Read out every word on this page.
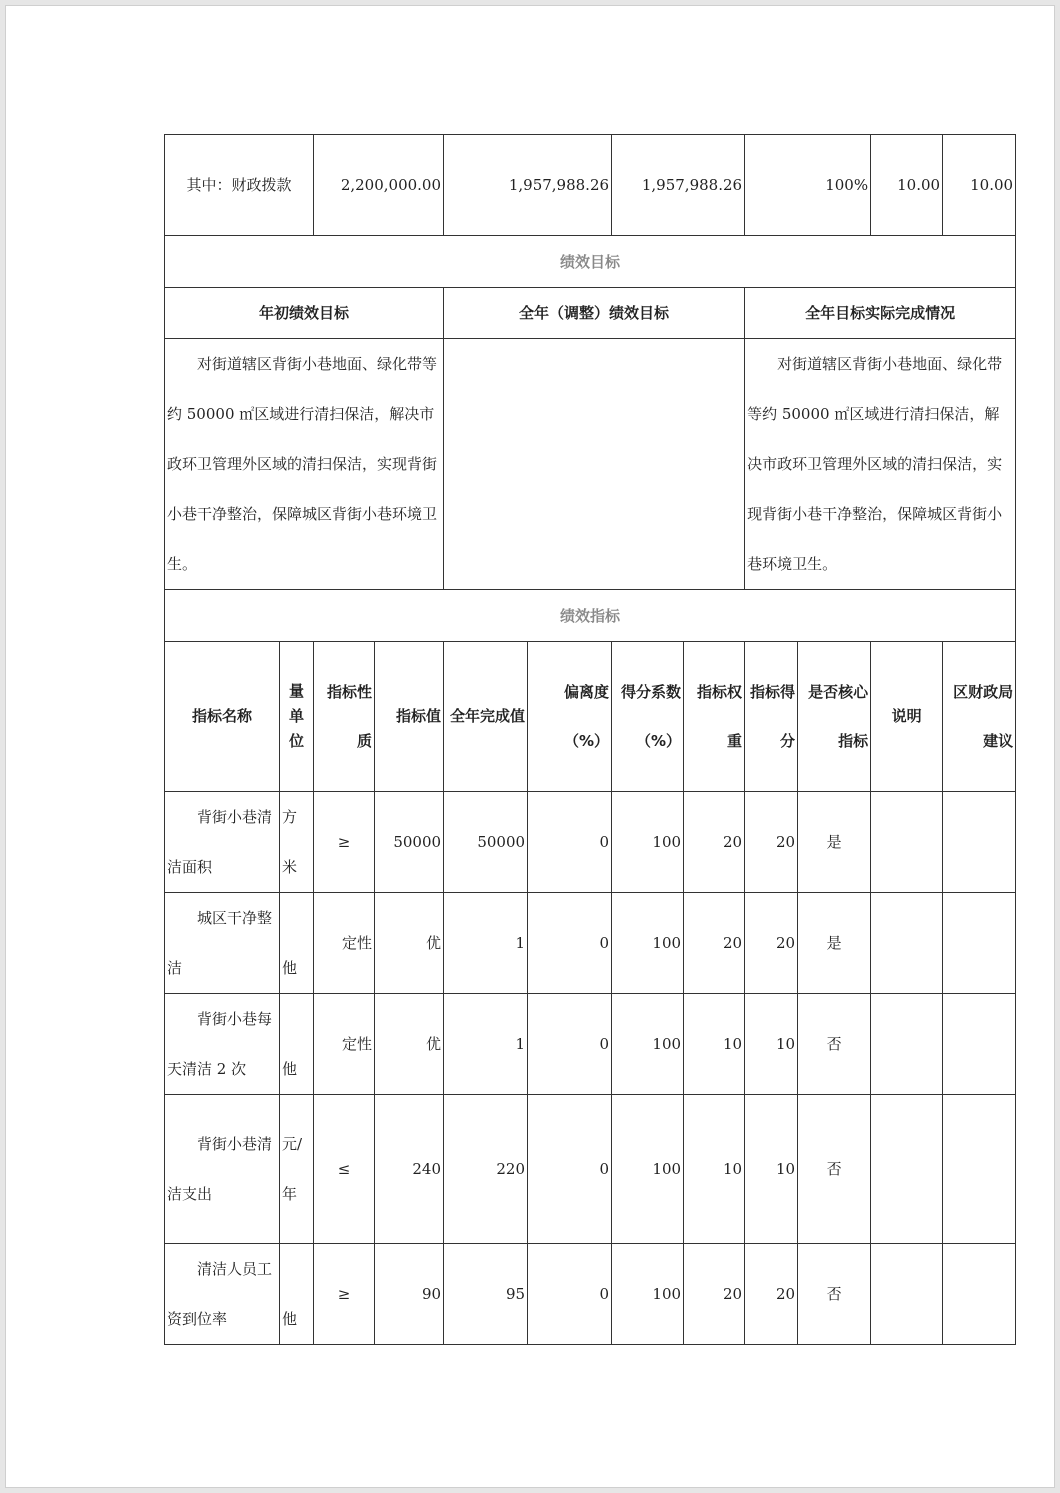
其中：财政拨款		2,200,000.00		1,957,988.26		1,957,988.26		100%		10.00	10.00
绩效目标											
年初绩效目标				全年（调整）绩效目标				全年目标实际完成情况			
对街道辖区背街小巷地面、绿化带等约 50000 ㎡区域进行清扫保洁，解决市政环卫管理外区域的清扫保洁，实现背街小巷干净整治，保障城区背街小巷环境卫生。								对街道辖区背街小巷地面、绿化带等约 50000 ㎡区域进行清扫保洁，解决市政环卫管理外区域的清扫保洁，实现背街小巷干净整治，保障城区背街小巷环境卫生。			
绩效指标											
指标名称	量单位	指标性质	指标值	全年完成值	偏离度（%）	得分系数（%）	指标权重	指标得分	是否核心指标	说明	区财政局建议
背街小巷清洁面积	方米	≥	50000	50000	0	100	20	20	是		
城区干净整洁	他	定性	优	1	0	100	20	20	是		
背街小巷每天清洁 2 次	他	定性	优	1	0	100	10	10	否		
背街小巷清洁支出	元/年	≤	240	220	0	100	10	10	否		
清洁人员工资到位率	他	≥	90	95	0	100	20	20	否		
